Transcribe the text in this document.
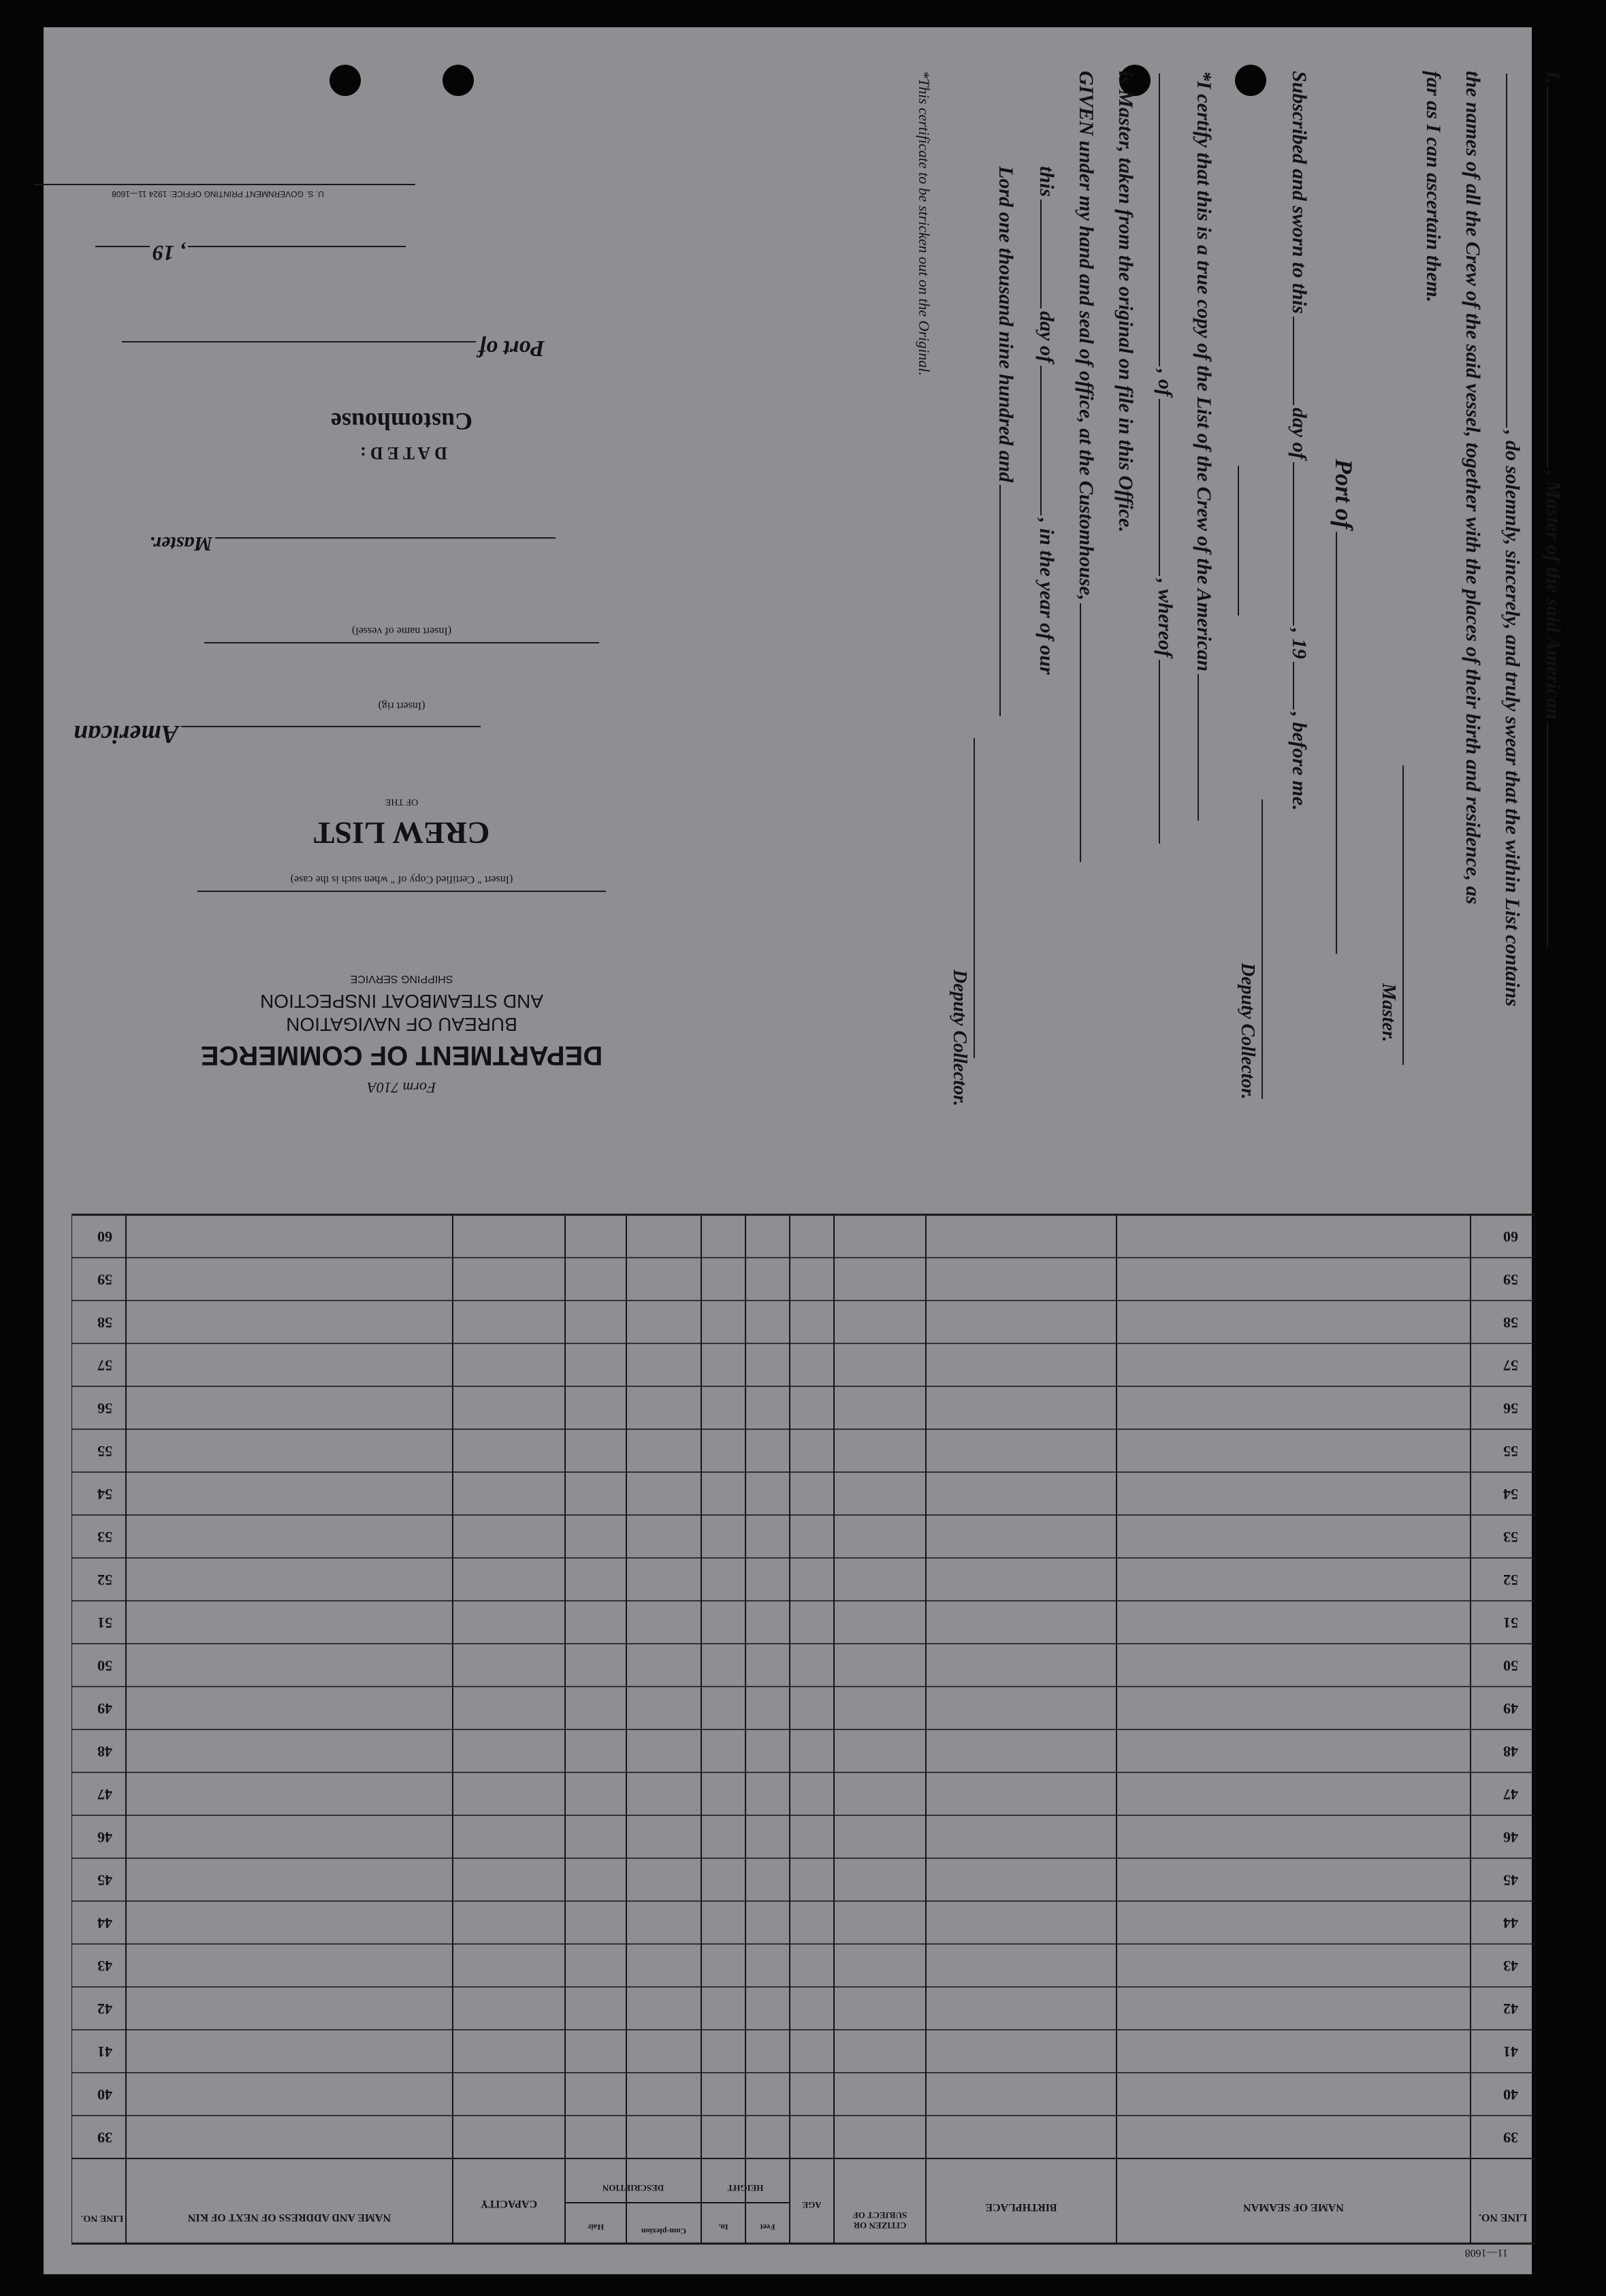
I,, Master of the said American
, do solemnly, sincerely, and truly swear that the within List contains
the names of all the Crew of the said vessel, together with the places of their birth and residence, as
far as I can ascertain them.
Master.
Port of
Subscribed and sworn to thisday of, 19, before me.
Deputy Collector.
*I certify that this is a true copy of the List of the Crew of the American
, of, whereof
is Master, taken from the original on file in this Office.
GIVEN under my hand and seal of office, at the Customhouse,
thisday of, in the year of our
Lord one thousand nine hundred and
Deputy Collector.
*This certificate to be stricken out on the Original.
Form 710A
DEPARTMENT OF COMMERCE
BUREAU OF NAVIGATION
AND STEAMBOAT INSPECTION
SHIPPING SERVICE
(Insert " Certified Copy of " when such is the case)
CREW LIST
OF THE
American
(Insert rig)
(Insert name of vessel)
Master.
DATED:
Customhouse
Port of
, 19
U. S. GOVERNMENT PRINTING OFFICE: 1924 11—1608
11—1608
LINE NO.
NAME OF SEAMAN
BIRTHPLACE
CITIZEN OR SUBJECT OF
AGE
HEIGHT
Feet
In.
DESCRIPTION
Com-plexion
Hair
CAPACITY
NAME AND ADDRESS OF NEXT OF KIN
LINE NO.
39
39
40
40
41
41
42
42
43
43
44
44
45
45
46
46
47
47
48
48
49
49
50
50
51
51
52
52
53
53
54
54
55
55
56
56
57
57
58
58
59
59
60
60
